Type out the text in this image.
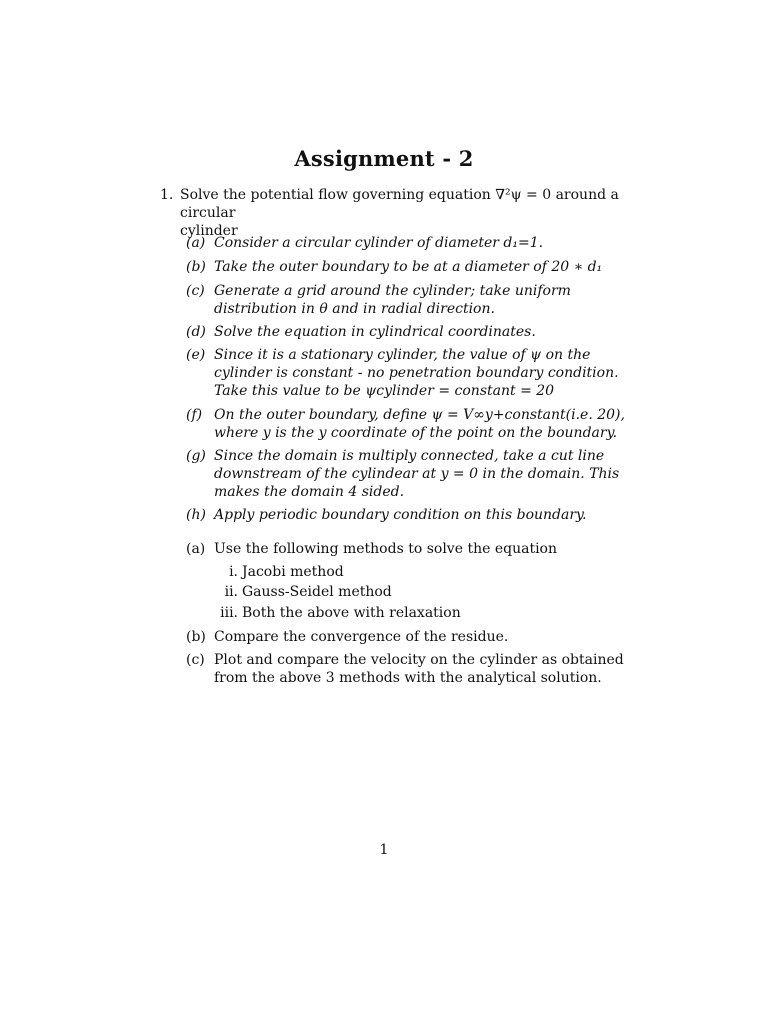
Assignment - 2
1. Solve the potential flow governing equation ∇²ψ = 0 around a circular
cylinder
(a) Consider a circular cylinder of diameter d₁=1.
(b) Take the outer boundary to be at a diameter of 20 ∗ d₁
(c) Generate a grid around the cylinder; take uniform distribution in θ and in radial direction.
(d) Solve the equation in cylindrical coordinates.
(e) Since it is a stationary cylinder, the value of ψ on the cylinder is constant - no penetration boundary condition. Take this value to be ψcylinder = constant = 20
(f) On the outer boundary, define ψ = V∞y+constant(i.e. 20), where y is the y coordinate of the point on the boundary.
(g) Since the domain is multiply connected, take a cut line downstream of the cylindear at y = 0 in the domain. This makes the domain 4 sided.
(h) Apply periodic boundary condition on this boundary.
(a) Use the following methods to solve the equation
i. Jacobi method
ii. Gauss-Seidel method
iii. Both the above with relaxation
(b) Compare the convergence of the residue.
(c) Plot and compare the velocity on the cylinder as obtained from the above 3 methods with the analytical solution.
1
